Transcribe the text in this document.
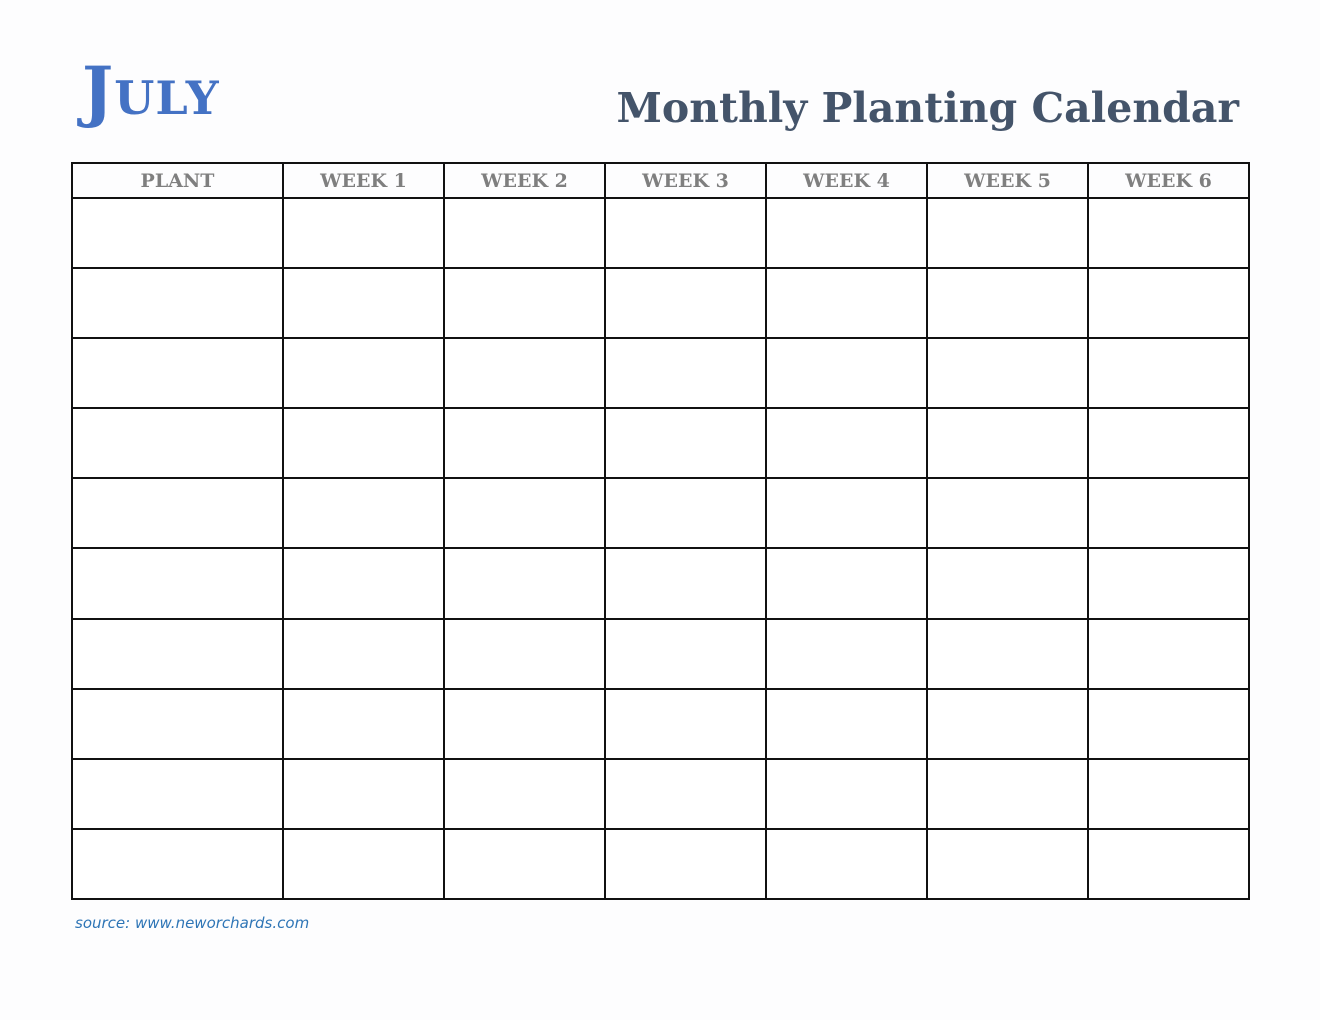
July	Monthly Planting Calendar
PLANT	WEEK 1	WEEK 2	WEEK 3	WEEK 4	WEEK 5	WEEK 6

source: www.neworchards.com
